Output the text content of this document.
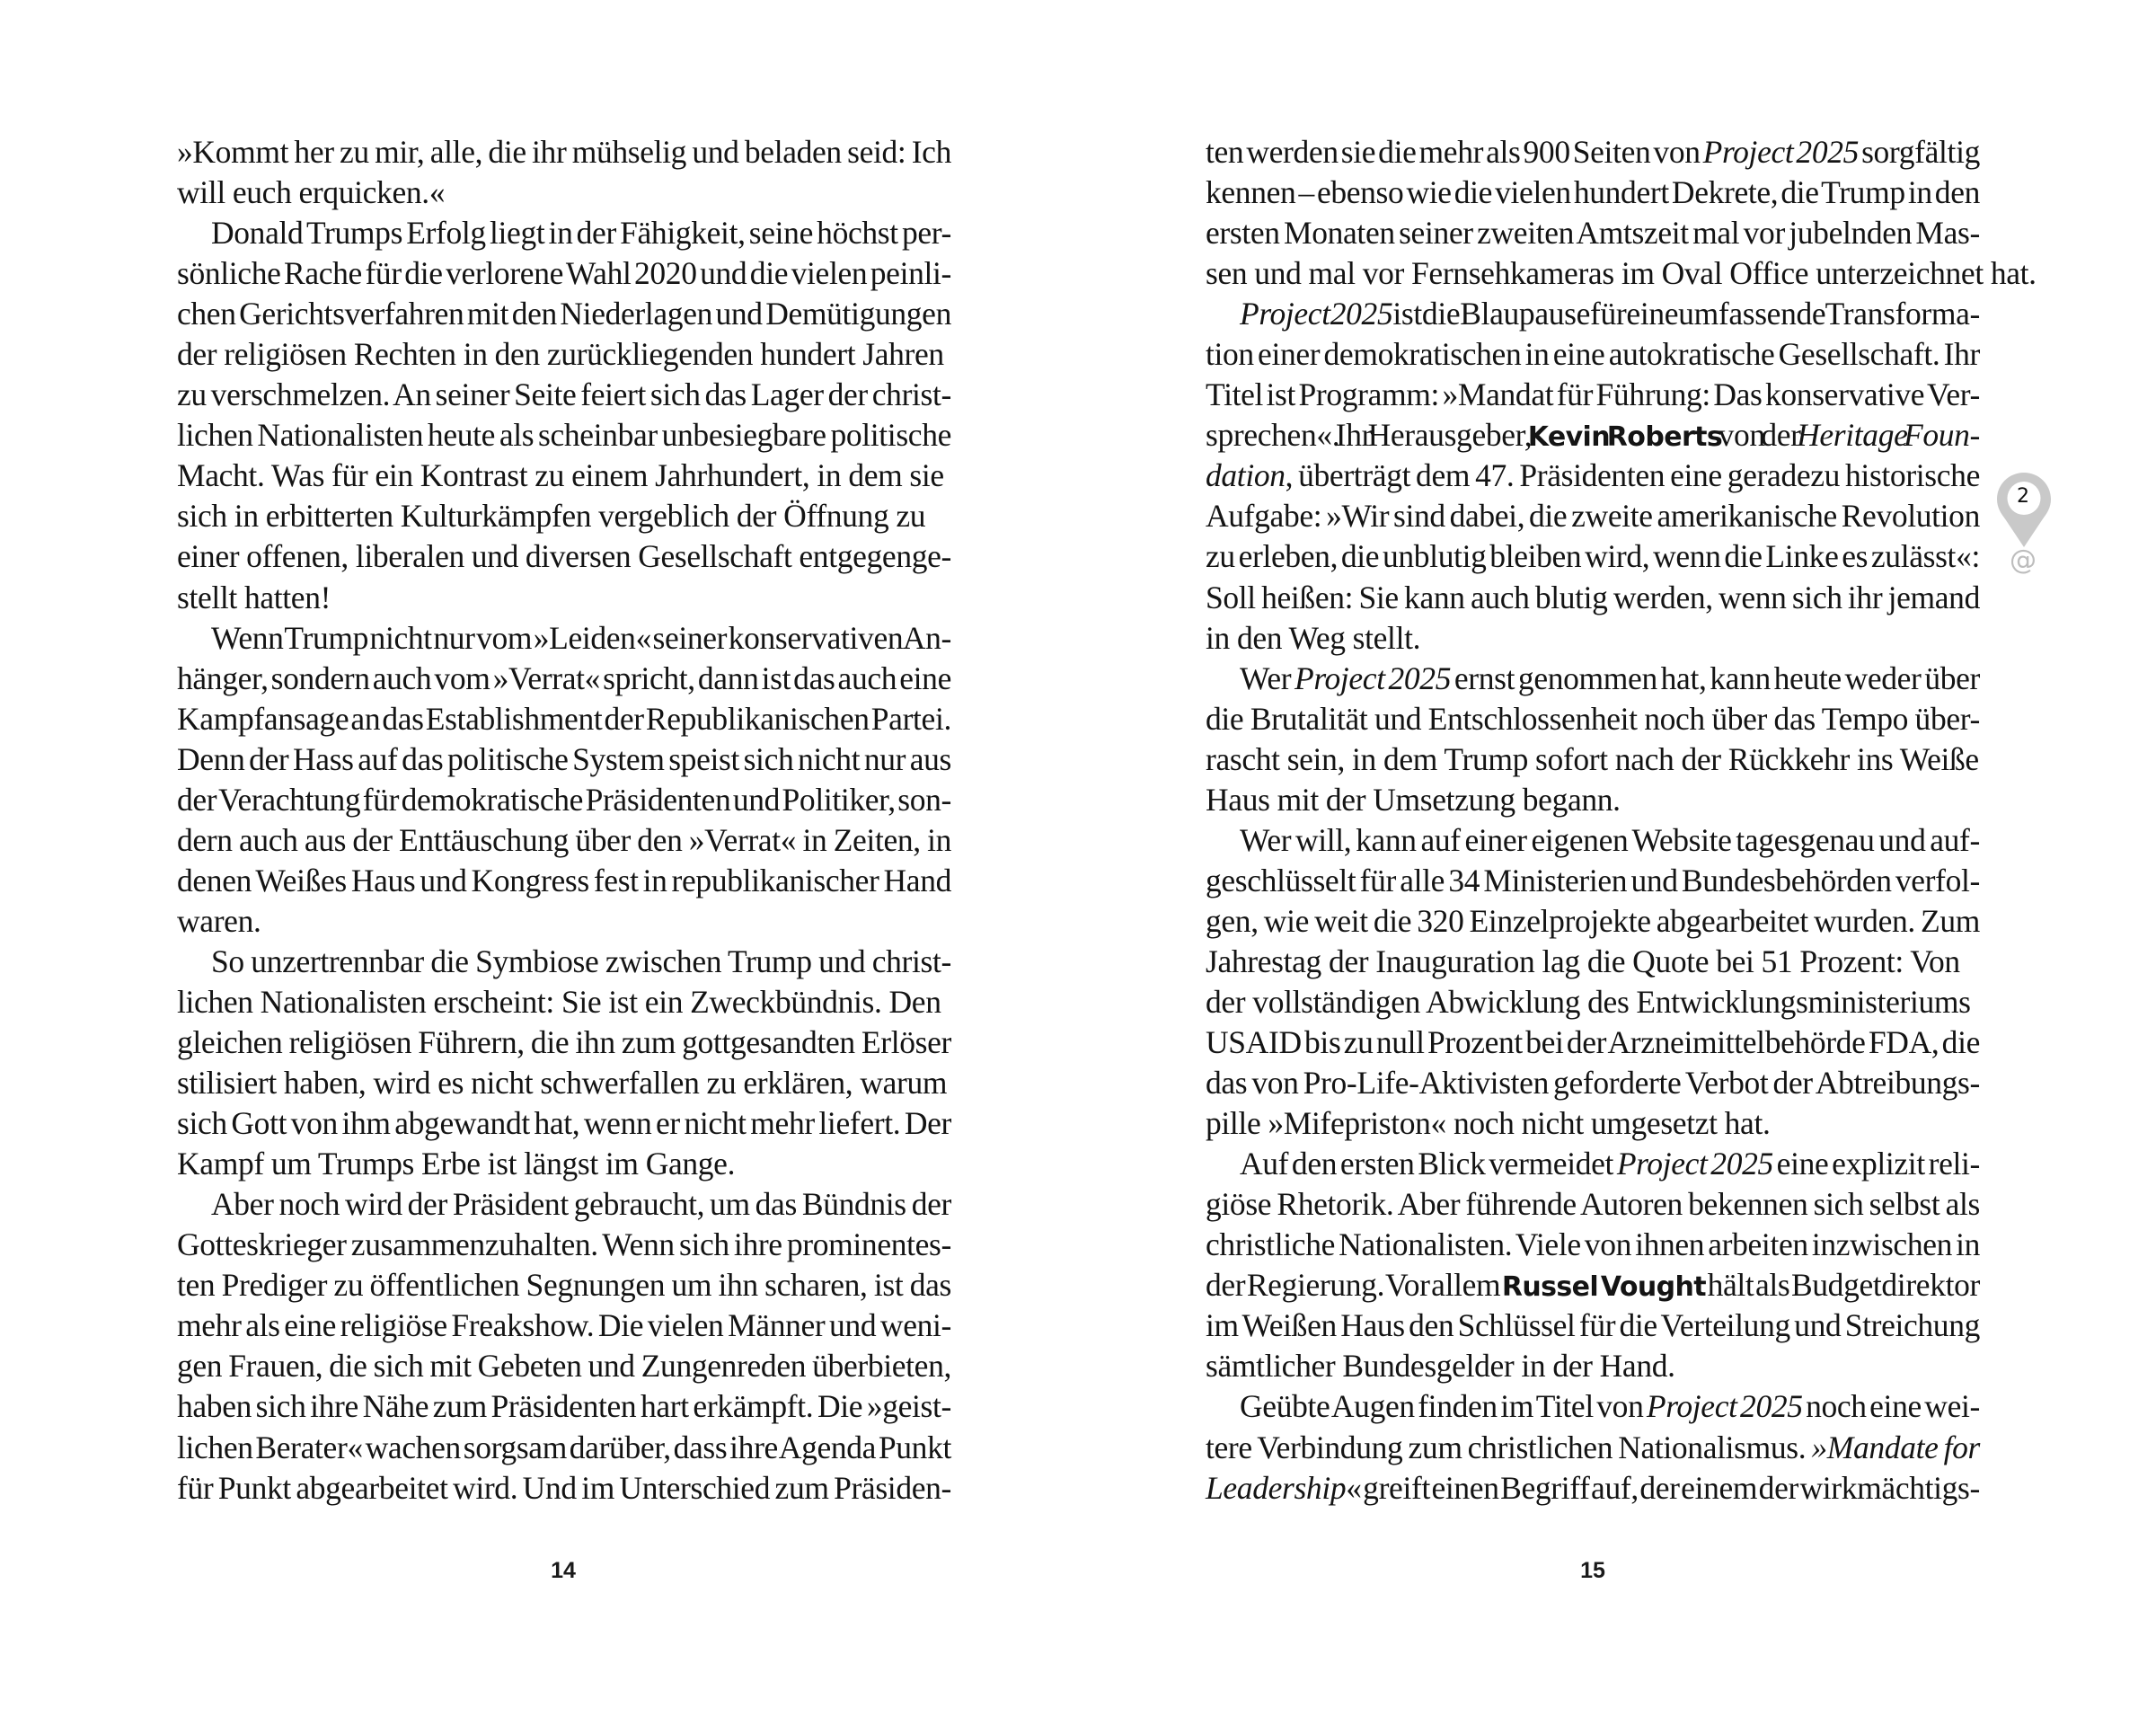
»Kommt her zu mir, alle, die ihr mühselig und beladen seid: Ich
will euch erquicken.«
Donald Trumps Erfolg liegt in der Fähigkeit, seine höchst per-
sönliche Rache für die verlorene Wahl 2020 und die vielen peinli-
chen Gerichtsverfahren mit den Niederlagen und Demütigungen
der religiösen Rechten in den zurückliegenden hundert Jahren
zu verschmelzen. An seiner Seite feiert sich das Lager der christ-
lichen Nationalisten heute als scheinbar unbesiegbare politische
Macht. Was für ein Kontrast zu einem Jahrhundert, in dem sie
sich in erbitterten Kulturkämpfen vergeblich der Öffnung zu
einer offenen, liberalen und diversen Gesellschaft entgegenge-
stellt hatten!
Wenn Trump nicht nur vom »Leiden« seiner konservativen An-
hänger, sondern auch vom »Verrat« spricht, dann ist das auch eine
Kampfansage an das Establishment der Republikanischen Partei.
Denn der Hass auf das politische System speist sich nicht nur aus
der Verachtung für demokratische Präsidenten und Politiker, son-
dern auch aus der Enttäuschung über den »Verrat« in Zeiten, in
denen Weißes Haus und Kongress fest in republikanischer Hand
waren.
So unzertrennbar die Symbiose zwischen Trump und christ-
lichen Nationalisten erscheint: Sie ist ein Zweckbündnis. Den
gleichen religiösen Führern, die ihn zum gottgesandten Erlöser
stilisiert haben, wird es nicht schwerfallen zu erklären, warum
sich Gott von ihm abgewandt hat, wenn er nicht mehr liefert. Der
Kampf um Trumps Erbe ist längst im Gange.
Aber noch wird der Präsident gebraucht, um das Bündnis der
Gotteskrieger zusammenzuhalten. Wenn sich ihre prominentes-
ten Prediger zu öffentlichen Segnungen um ihn scharen, ist das
mehr als eine religiöse Freakshow. Die vielen Männer und weni-
gen Frauen, die sich mit Gebeten und Zungenreden überbieten,
haben sich ihre Nähe zum Präsidenten hart erkämpft. Die »geist-
lichen Berater« wachen sorgsam darüber, dass ihre Agenda Punkt
für Punkt abgearbeitet wird. Und im Unterschied zum Präsiden-
14
ten werden sie die mehr als 900 Seiten von Project 2025 sorgfältig
kennen – ebenso wie die vielen hundert Dekrete, die Trump in den
ersten Monaten seiner zweiten Amtszeit mal vor jubelnden Mas-
sen und mal vor Fernsehkameras im Oval Office unterzeichnet hat.
Project 2025 ist die Blaupause für eine umfassende Transforma-
tion einer demokratischen in eine autokratische Gesellschaft. Ihr
Titel ist Programm: »Mandat für Führung: Das konservative Ver-
sprechen«. Ihr Herausgeber, Kevin Roberts von der Heritage Foun-
dation, überträgt dem 47. Präsidenten eine geradezu historische
Aufgabe: »Wir sind dabei, die zweite amerikanische Revolution
zu erleben, die unblutig bleiben wird, wenn die Linke es zulässt«:
Soll heißen: Sie kann auch blutig werden, wenn sich ihr jemand
in den Weg stellt.
Wer Project 2025 ernst genommen hat, kann heute weder über
die Brutalität und Entschlossenheit noch über das Tempo über-
rascht sein, in dem Trump sofort nach der Rückkehr ins Weiße
Haus mit der Umsetzung begann.
Wer will, kann auf einer eigenen Website tagesgenau und auf-
geschlüsselt für alle 34 Ministerien und Bundesbehörden verfol-
gen, wie weit die 320 Einzelprojekte abgearbeitet wurden. Zum
Jahrestag der Inauguration lag die Quote bei 51 Prozent: Von
der vollständigen Abwicklung des Entwicklungsministeriums
USAID bis zu null Prozent bei der Arzneimittelbehörde FDA, die
das von Pro-Life-Aktivisten geforderte Verbot der Abtreibungs-
pille »Mifepriston« noch nicht umgesetzt hat.
Auf den ersten Blick vermeidet Project 2025 eine explizit reli-
giöse Rhetorik. Aber führende Autoren bekennen sich selbst als
christliche Nationalisten. Viele von ihnen arbeiten inzwischen in
der Regierung. Vor allem Russel Vought hält als Budgetdirektor
im Weißen Haus den Schlüssel für die Verteilung und Streichung
sämtlicher Bundesgelder in der Hand.
Geübte Augen finden im Titel von Project 2025 noch eine wei-
tere Verbindung zum christlichen Nationalismus. »Mandate for
Leadership« greift einen Begriff auf, der einem der wirkmächtigs-
15
2
@
